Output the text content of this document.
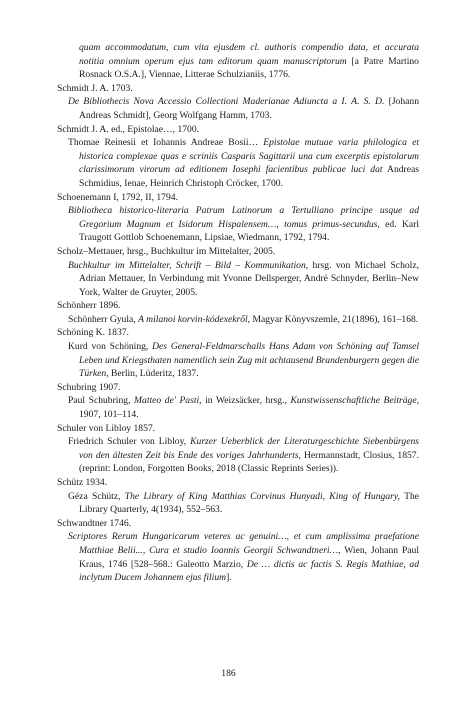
quam accommodatum, cum vita ejusdem cl. authoris compendio data, et accurata notitia omnium operum ejus tam editorum quam manuscriptorum [a Patre Martino Rosnack O.S.A.], Viennae, Litterae Schulzianiis, 1776.

Schmidt J. A. 1703.

De Bibliothecis Nova Accessio Collectioni Maderianae Adiuncta a I. A. S. D. [Johann Andreas Schmidt], Georg Wolfgang Hamm, 1703.

Schmidt J. A. ed., Epistolae…, 1700.

Thomae Reinesii et Iohannis Andreae Bosii… Epistolae mutuae varia philologica et historica complexae quas e scriniis Casparis Sagittarii una cum excerptis epistolarum clarissimorum virorum ad editionem Iosephi facientibus publicae luci dat Andreas Schmidius, Ienae, Heinrich Christoph Cröcker, 1700.

Schoenemann I, 1792, II, 1794.

Bibliotheca historico-literaria Patrum Latinorum a Tertulliano principe usque ad Gregorium Magnum et Isidorum Hispalensem…, tomus primus-secundus, ed. Karl Traugott Gottlob Schoenemann, Lipsiae, Wiedmann, 1792, 1794.

Scholz–Mettauer, hrsg., Buchkultur im Mittelalter, 2005.

Buchkultur im Mittelalter, Schrift – Bild – Kommunikation, hrsg. von Michael Scholz, Adrian Mettauer, In Verbindung mit Yvonne Dellsperger, André Schnyder, Berlin–New York, Walter de Gruyter, 2005.

Schönherr 1896.

Schönherr Gyula, A milanoi korvin-kódexekről, Magyar Könyvszemle, 21(1896), 161–168.

Schöning K. 1837.

Kurd von Schöning, Des General-Feldmarschalls Hans Adam von Schöning auf Tamsel Leben und Kriegsthaten namentlich sein Zug mit achtausend Brandenburgern gegen die Türken, Berlin, Lüderitz, 1837.

Schubring 1907.

Paul Schubring, Matteo de' Pasti, in Weizsäcker, hrsg., Kunstwissenschaftliche Beiträge, 1907, 101–114.

Schuler von Libloy 1857.

Friedrich Schuler von Libloy, Kurzer Ueberblick der Literaturgeschichte Siebenbürgens von den ältesten Zeit bis Ende des voriges Jahrhunderts, Hermannstadt, Closius, 1857. (reprint: London, Forgotten Books, 2018 (Classic Reprints Series)).

Schütz 1934.

Géza Schütz, The Library of King Matthias Corvinus Hunyadi, King of Hungary, The Library Quarterly, 4(1934), 552–563.

Schwandtner 1746.

Scriptores Rerum Hungaricarum veteres ac genuini…, et cum amplissima praefatione Matthiae Belii..., Cura et studio Ioannis Georgii Schwandtneri…, Wien, Johann Paul Kraus, 1746 [528–568.: Galeotto Marzio, De … dictis ac factis S. Regis Mathiae, ad inclytum Ducem Johannem ejus filium].

186
